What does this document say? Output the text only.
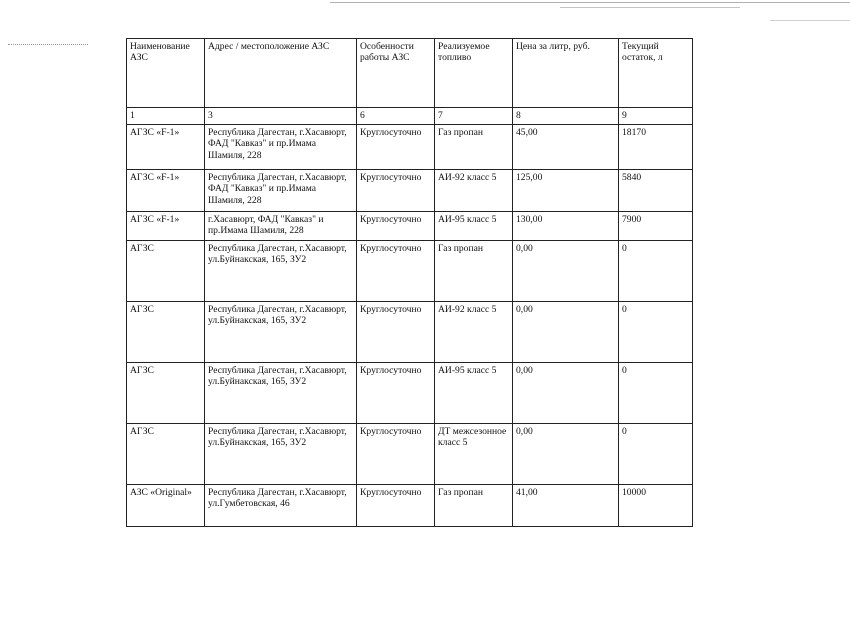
Наименование АЗС	Адрес / местоположение АЗС	Особенности работы АЗС	Реализуемое топливо	Цена за литр, руб.	Текущий остаток, л
1	3	6	7	8	9
АГЗС «F-1»	Республика Дагестан, г.Хасавюрт, ФАД "Кавказ" и пр.Имама Шамиля, 228	Круглосуточно	Газ пропан	45,00	18170
АГЗС «F-1»	Республика Дагестан, г.Хасавюрт, ФАД "Кавказ" и пр.Имама Шамиля, 228	Круглосуточно	АИ-92 класс 5	125,00	5840
АГЗС «F-1»	г.Хасавюрт, ФАД "Кавказ" и пр.Имама Шамиля, 228	Круглосуточно	АИ-95 класс 5	130,00	7900
АГЗС	Республика Дагестан, г.Хасавюрт, ул.Буйнакская, 165, ЗУ2	Круглосуточно	Газ пропан	0,00	0
АГЗС	Республика Дагестан, г.Хасавюрт, ул.Буйнакская, 165, ЗУ2	Круглосуточно	АИ-92 класс 5	0,00	0
АГЗС	Республика Дагестан, г.Хасавюрт, ул.Буйнакская, 165, ЗУ2	Круглосуточно	АИ-95 класс 5	0,00	0
АГЗС	Республика Дагестан, г.Хасавюрт, ул.Буйнакская, 165, ЗУ2	Круглосуточно	ДТ межсезонное класс 5	0,00	0
АЗС «Original»	Республика Дагестан, г.Хасавюрт, ул.Гумбетовская, 46	Круглосуточно	Газ пропан	41,00	10000
